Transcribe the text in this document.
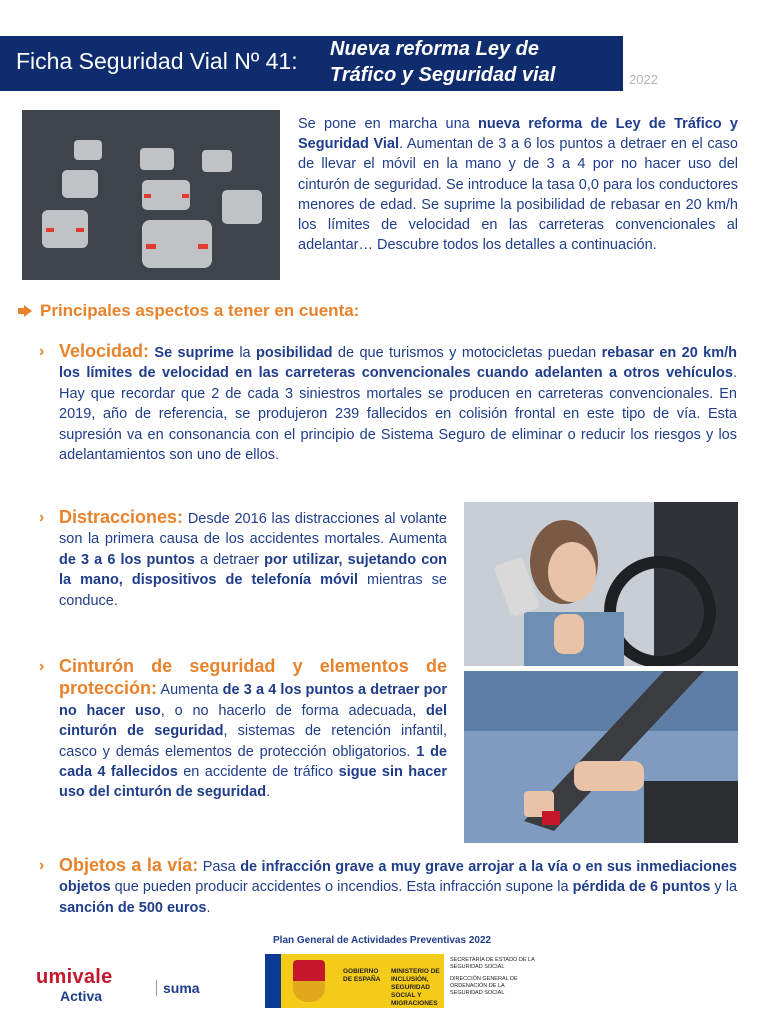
Ficha Seguridad Vial Nº 41: Nueva reforma Ley de
Tráfico y Seguridad vial	2022
Se pone en marcha una nueva reforma de Ley de Tráfico y Seguridad Vial. Aumentan de 3 a 6 los puntos a detraer en el caso de llevar el móvil en la mano y de 3 a 4 por no hacer uso del cinturón de seguridad. Se introduce la tasa 0,0 para los conductores menores de edad. Se suprime la posibilidad de rebasar en 20 km/h los límites de velocidad en las carreteras convencionales al adelantar… Descubre todos los detalles a continuación.
Principales aspectos a tener en cuenta:
› Velocidad: Se suprime la posibilidad de que turismos y motocicletas puedan rebasar en 20 km/h los límites de velocidad en las carreteras convencionales cuando adelanten a otros vehículos. Hay que recordar que 2 de cada 3 siniestros mortales se producen en carreteras convencionales. En 2019, año de referencia, se produjeron 239 fallecidos en colisión frontal en este tipo de vía. Esta supresión va en consonancia con el principio de Sistema Seguro de eliminar o reducir los riesgos y los adelantamientos son uno de ellos.
› Distracciones: Desde 2016 las distracciones al volante son la primera causa de los accidentes mortales. Aumenta de 3 a 6 los puntos a detraer por utilizar, sujetando con la mano, dispositivos de telefonía móvil mientras se conduce.
› Cinturón de seguridad y elementos de protección: Aumenta de 3 a 4 los puntos a detraer por no hacer uso, o no hacerlo de forma adecuada, del cinturón de seguridad, sistemas de retención infantil, casco y demás elementos de protección obligatorios. 1 de cada 4 fallecidos en accidente de tráfico sigue sin hacer uso del cinturón de seguridad.
› Objetos a la vía: Pasa de infracción grave a muy grave arrojar a la vía o en sus inmediaciones objetos que pueden producir accidentes o incendios. Esta infracción supone la pérdida de 6 puntos y la sanción de 500 euros.
Plan General de Actividades Preventivas 2022
umivale
Activa	suma
GOBIERNO DE ESPAÑA
MINISTERIO DE INCLUSIÓN, SEGURIDAD SOCIAL Y MIGRACIONES
SECRETARÍA DE ESTADO DE LA SEGURIDAD SOCIAL
DIRECCIÓN GENERAL DE ORDENACIÓN DE LA SEGURIDAD SOCIAL
